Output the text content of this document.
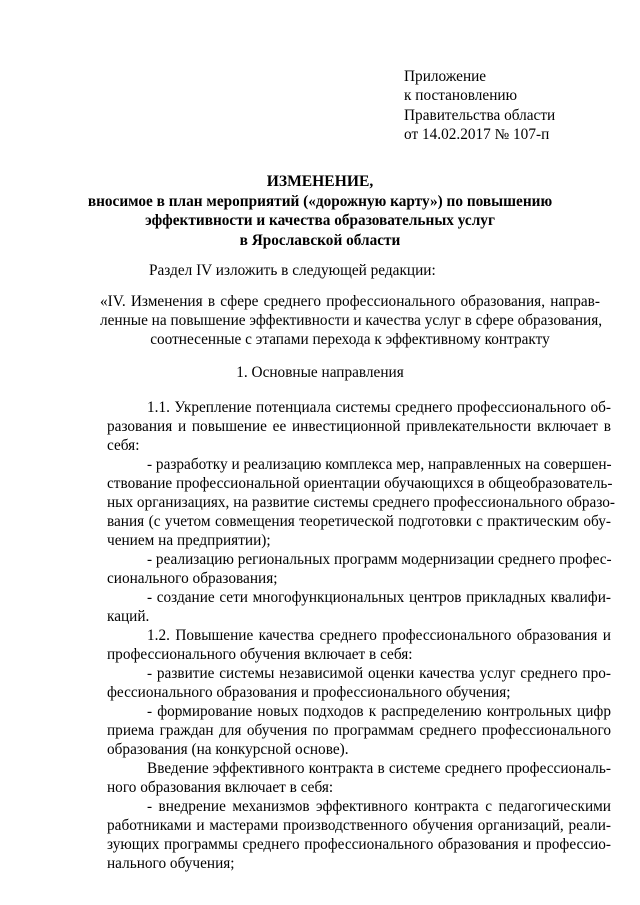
Приложение
к постановлению
Правительства области
от 14.02.2017 № 107-п
ИЗМЕНЕНИЕ,
вносимое в план мероприятий («дорожную карту») по повышению
эффективности и качества образовательных услуг
в Ярославской области
Раздел IV изложить в следующей редакции:
«IV. Изменения в сфере среднего профессионального образования, направ-
ленные на повышение эффективности и качества услуг в сфере образования,
соотнесенные с этапами перехода к эффективному контракту
1. Основные направления
1.1. Укрепление потенциала системы среднего профессионального об-
разования и повышение ее инвестиционной привлекательности включает в
себя:
- разработку и реализацию комплекса мер, направленных на совершен-
ствование профессиональной ориентации обучающихся в общеобразователь-
ных организациях, на развитие системы среднего профессионального образо-
вания (с учетом совмещения теоретической подготовки с практическим обу-
чением на предприятии);
- реализацию региональных программ модернизации среднего профес-
сионального образования;
- создание сети многофункциональных центров прикладных квалифи-
каций.
1.2. Повышение качества среднего профессионального образования и
профессионального обучения включает в себя:
- развитие системы независимой оценки качества услуг среднего про-
фессионального образования и профессионального обучения;
- формирование новых подходов к распределению контрольных цифр
приема граждан для обучения по программам среднего профессионального
образования (на конкурсной основе).
Введение эффективного контракта в системе среднего профессиональ-
ного образования включает в себя:
- внедрение механизмов эффективного контракта с педагогическими
работниками и мастерами производственного обучения организаций, реали-
зующих программы среднего профессионального образования и профессио-
нального обучения;
